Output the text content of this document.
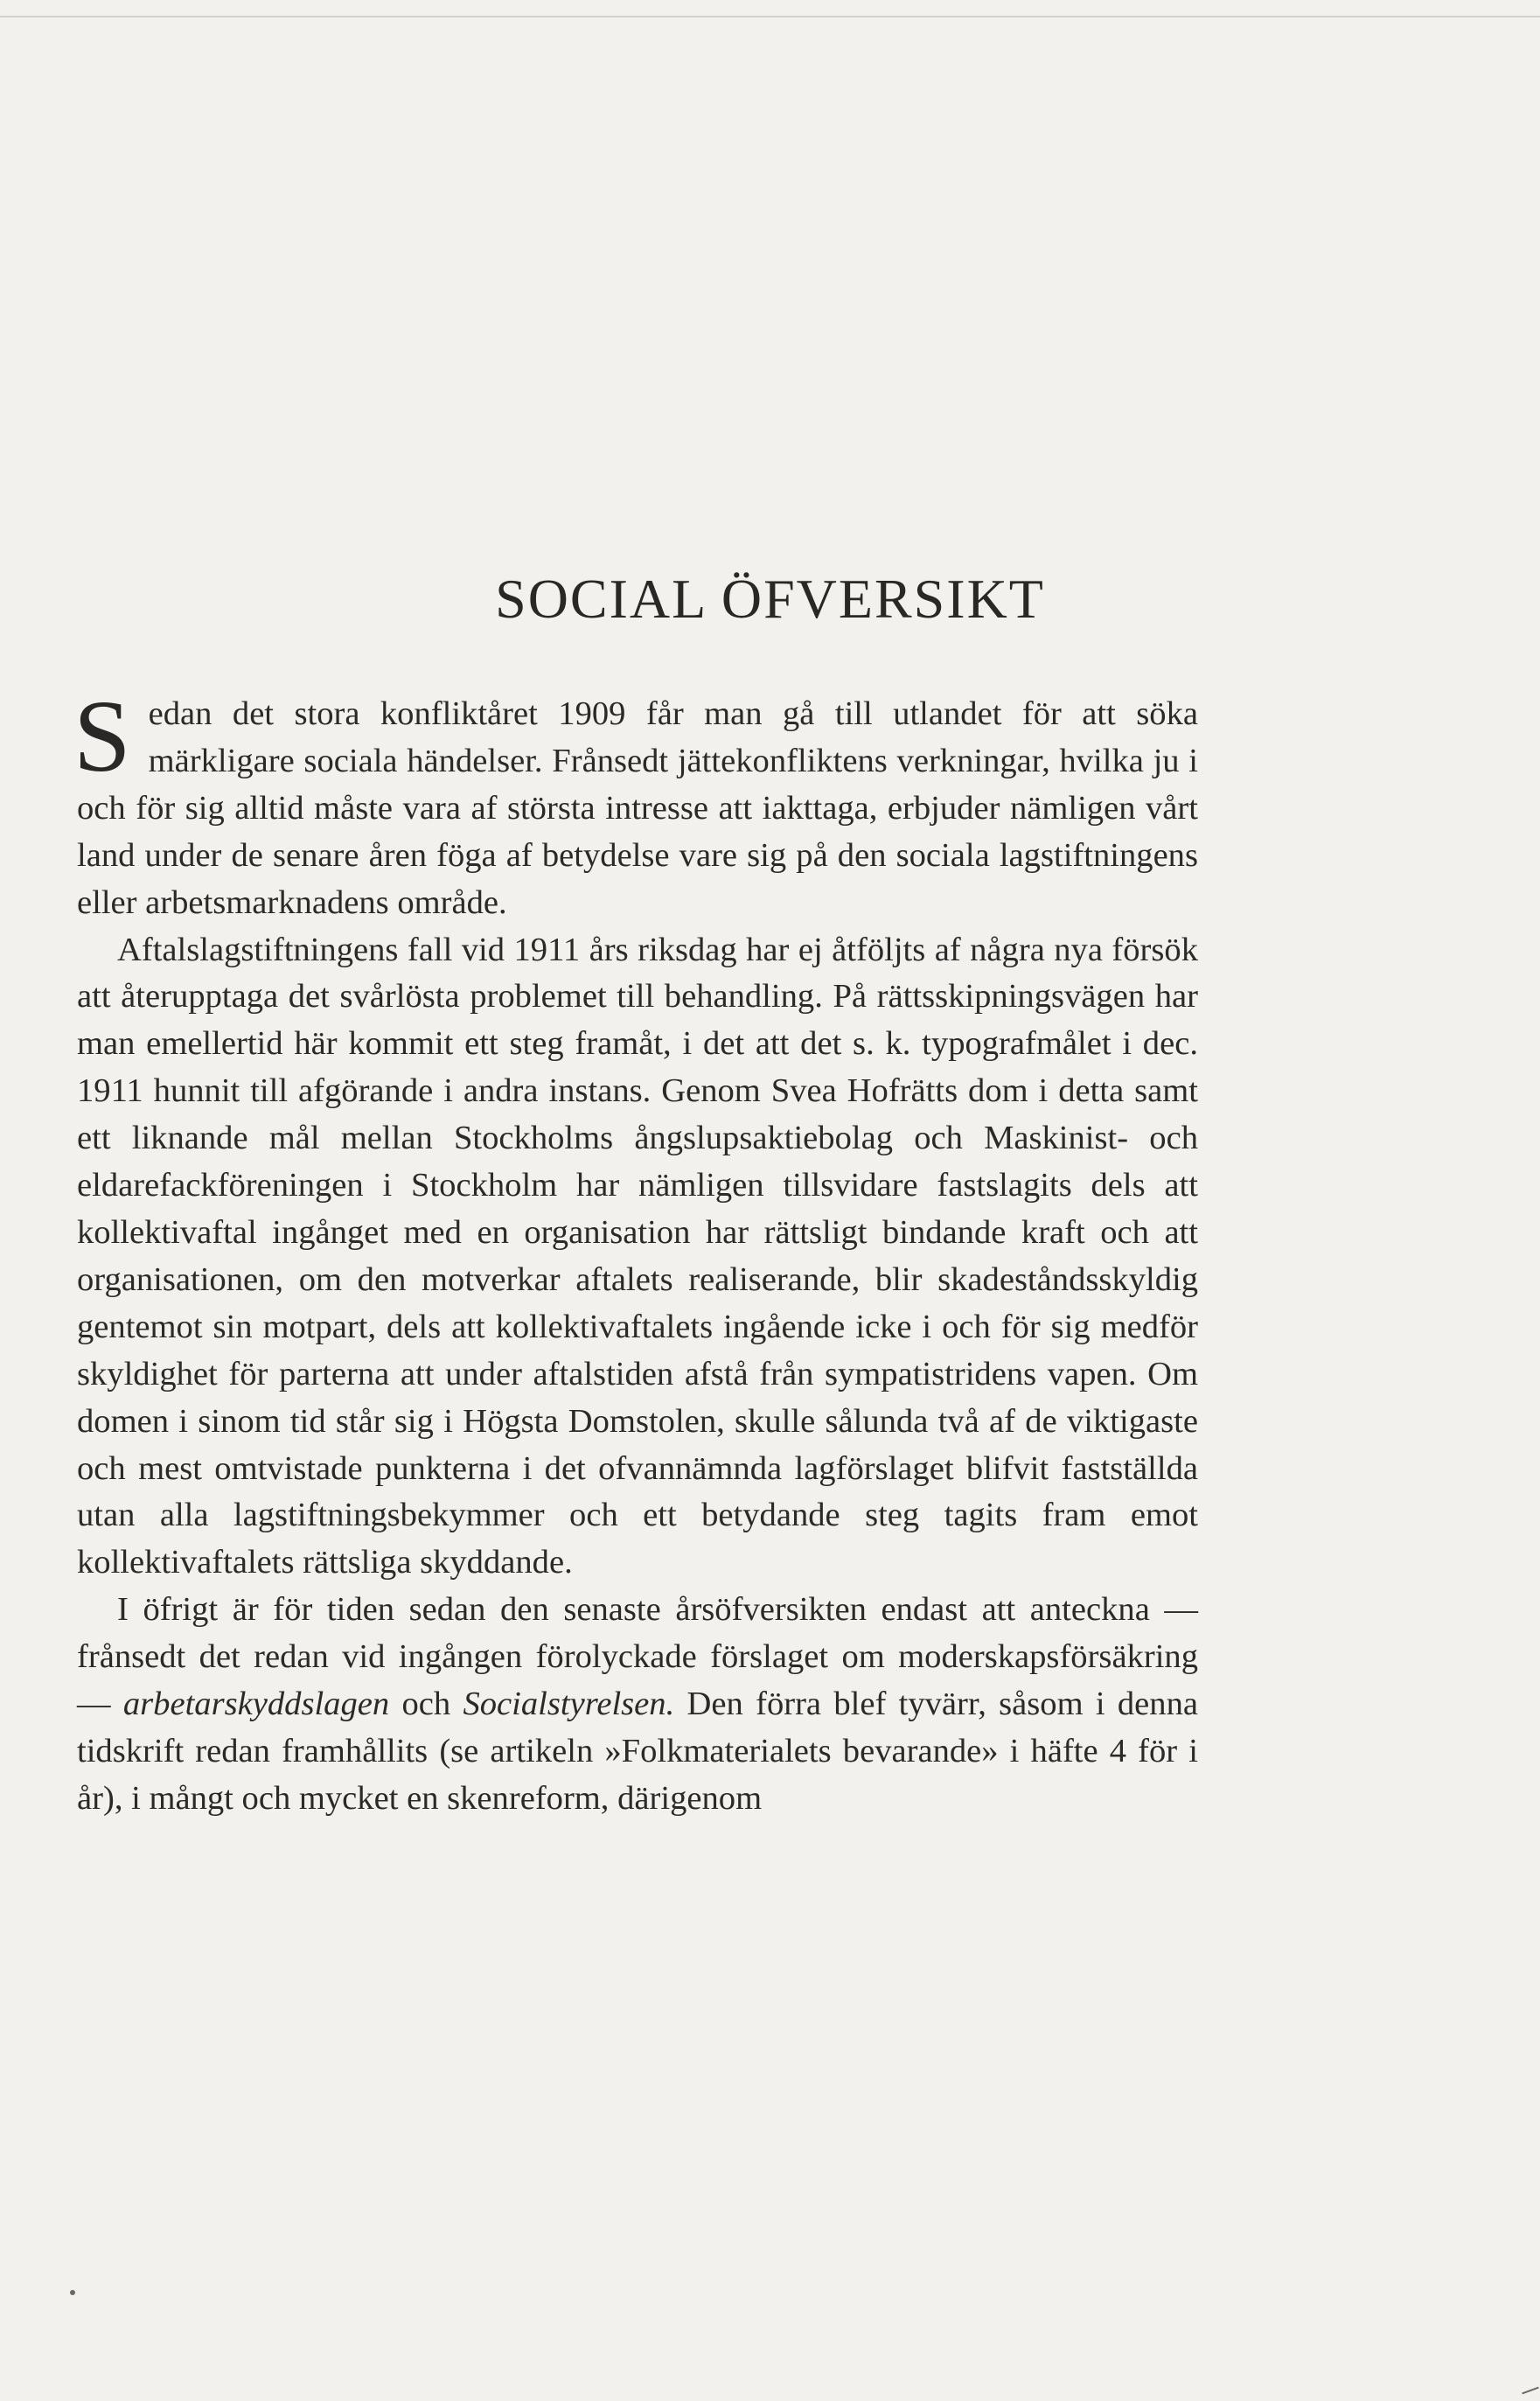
SOCIAL ÖFVERSIKT

Sedan det stora konfliktåret 1909 får man gå till utlandet för att söka märkligare sociala händelser. Frånsedt jättekonfliktens verkningar, hvilka ju i och för sig alltid måste vara af största intresse att iakttaga, erbjuder nämligen vårt land under de senare åren föga af betydelse vare sig på den sociala lagstiftningens eller arbetsmarknadens område.

Aftalslagstiftningens fall vid 1911 års riksdag har ej åtföljts af några nya försök att återupptaga det svårlösta problemet till behandling. På rättsskipningsvägen har man emellertid här kommit ett steg framåt, i det att det s. k. typografmålet i dec. 1911 hunnit till afgörande i andra instans. Genom Svea Hofrätts dom i detta samt ett liknande mål mellan Stockholms ångslupsaktiebolag och Maskinist- och eldarefackföreningen i Stockholm har nämligen tillsvidare fastslagits dels att kollektivaftal ingånget med en organisation har rättsligt bindande kraft och att organisationen, om den motverkar aftalets realiserande, blir skadeståndsskyldig gentemot sin motpart, dels att kollektivaftalets ingående icke i och för sig medför skyldighet för parterna att under aftalstiden afstå från sympatistridens vapen. Om domen i sinom tid står sig i Högsta Domstolen, skulle sålunda två af de viktigaste och mest omtvistade punkterna i det ofvannämnda lagförslaget blifvit fastställda utan alla lagstiftningsbekymmer och ett betydande steg tagits fram emot kollektivaftalets rättsliga skyddande.

I öfrigt är för tiden sedan den senaste årsöfversikten endast att anteckna — frånsedt det redan vid ingången förolyckade förslaget om moderskapsförsäkring — arbetarskyddslagen och Socialstyrelsen. Den förra blef tyvärr, såsom i denna tidskrift redan framhållits (se artikeln »Folkmaterialets bevarande» i häfte 4 för i år), i mångt och mycket en skenreform, därigenom
